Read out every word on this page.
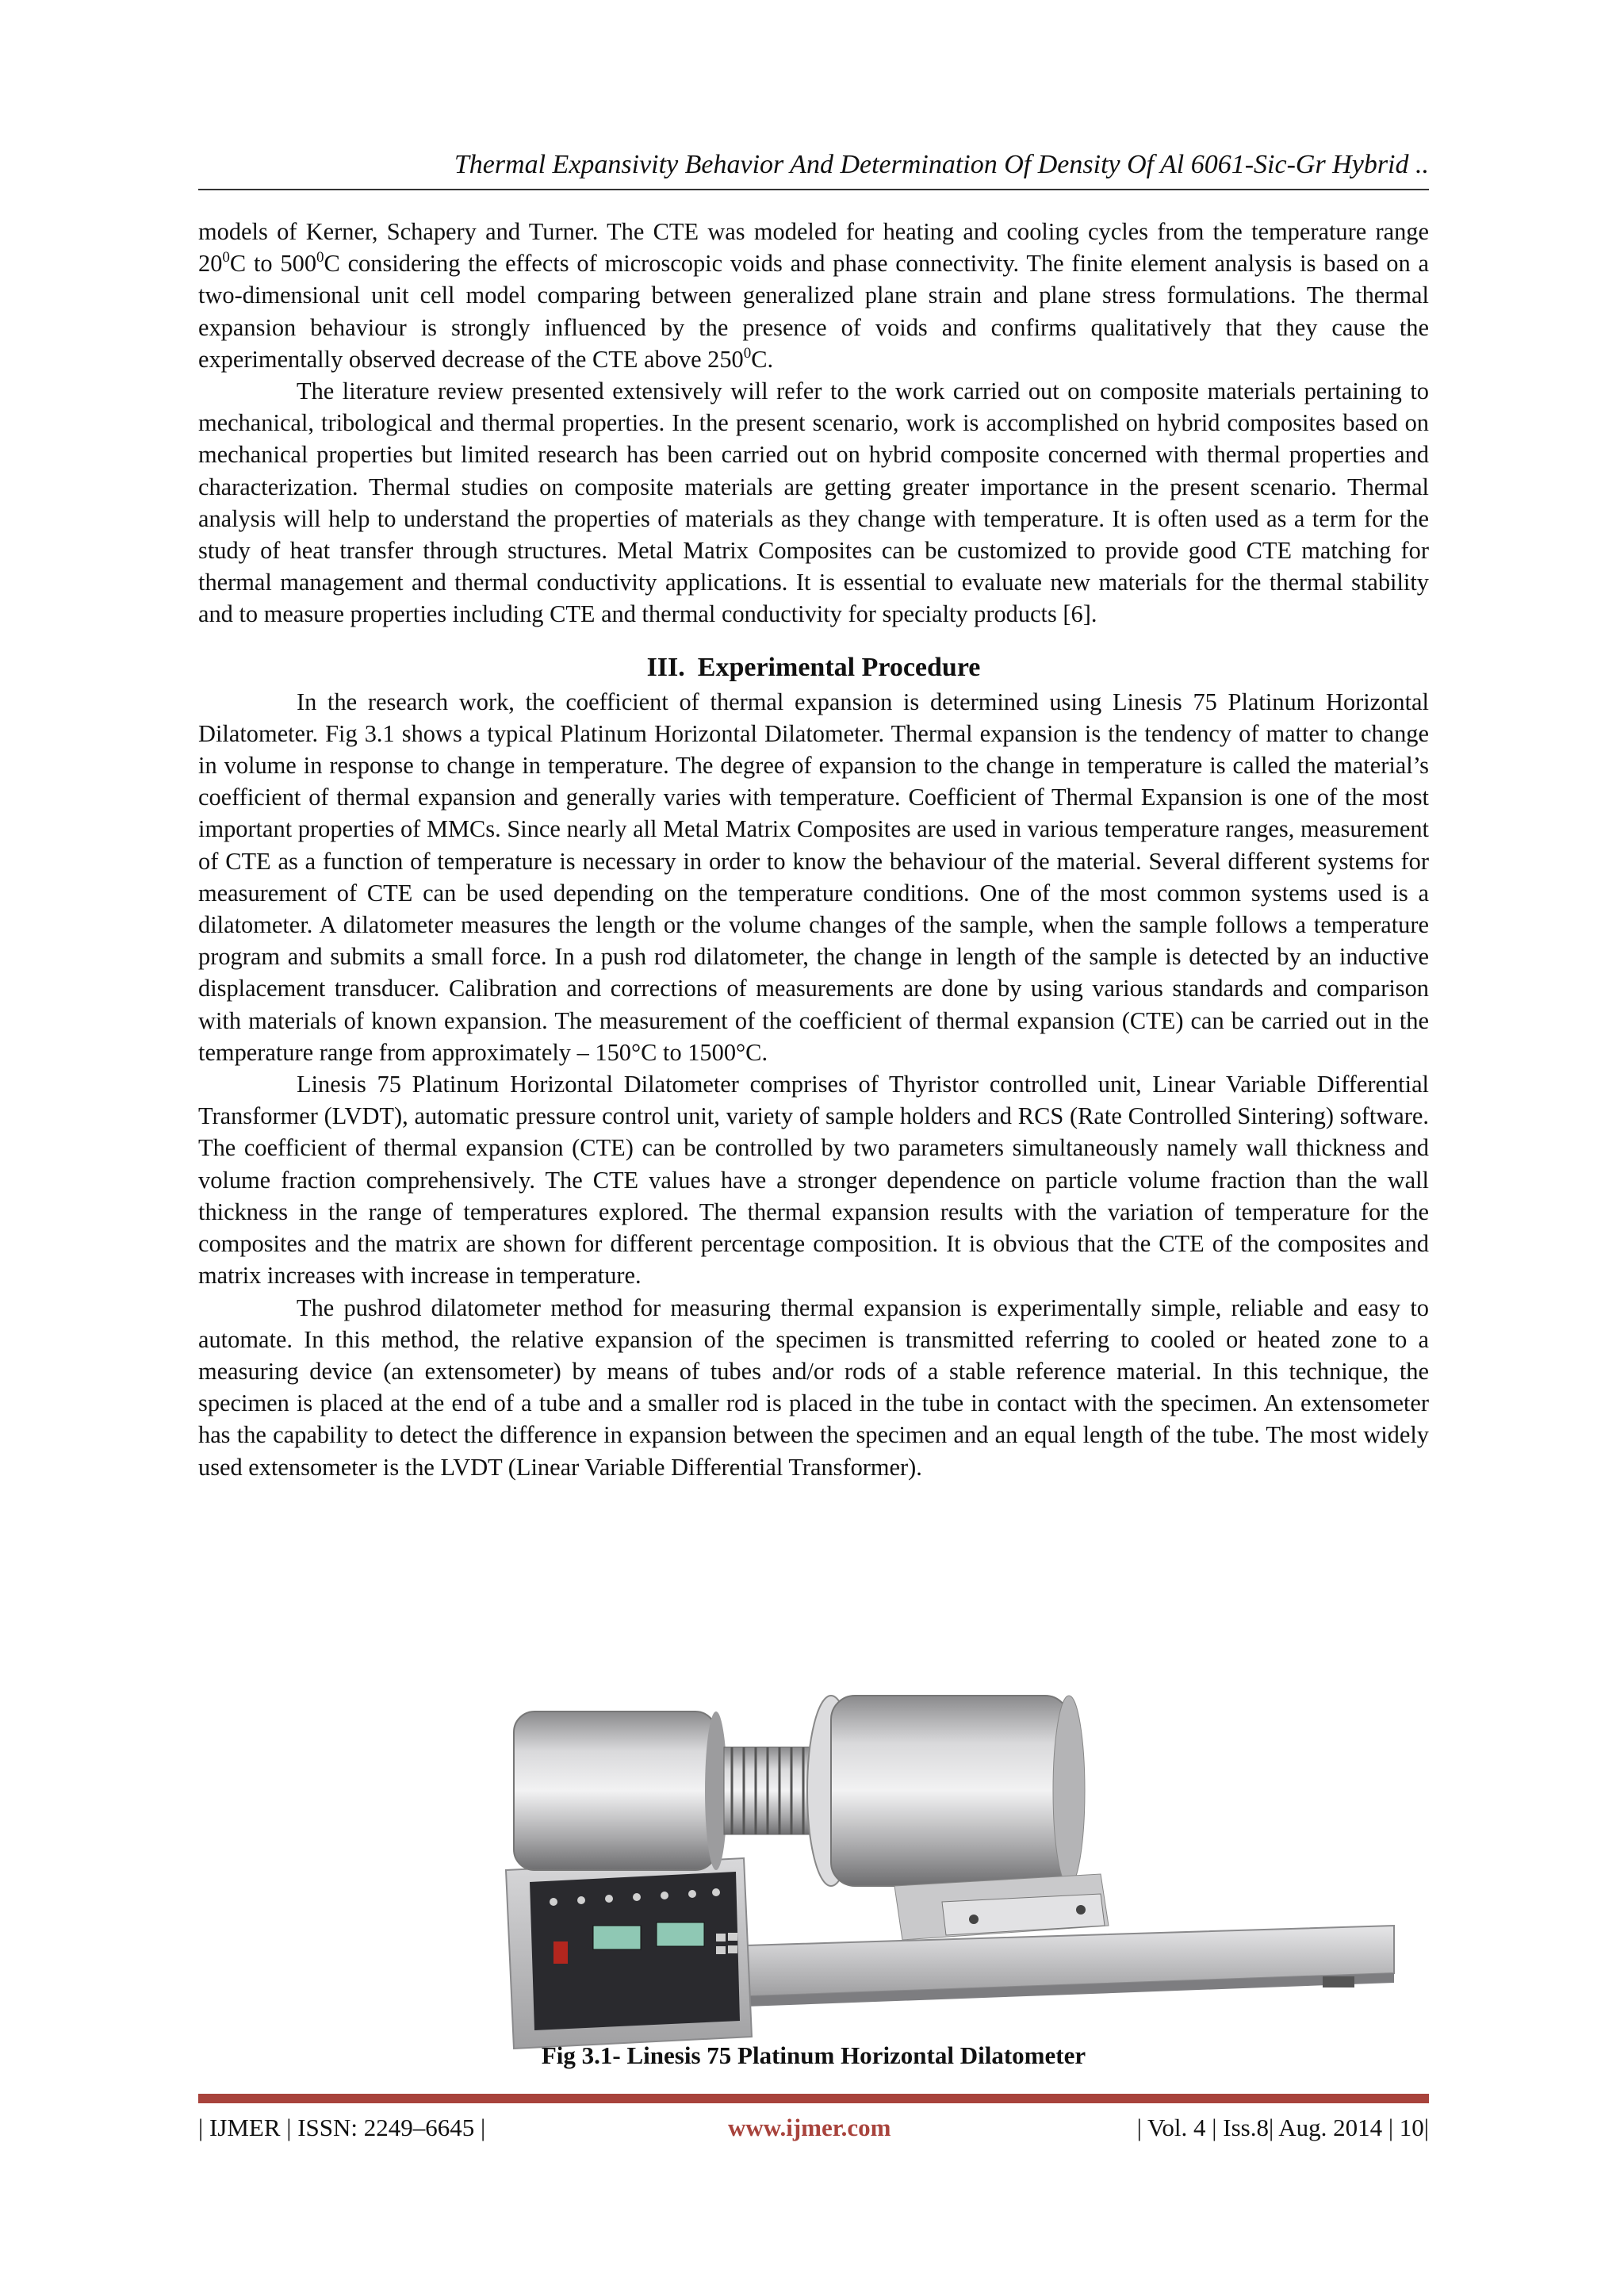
Thermal Expansivity Behavior And Determination Of Density Of Al 6061-Sic-Gr Hybrid ..

models of Kerner, Schapery and Turner. The CTE was modeled for heating and cooling cycles from the temperature range $20^0C$ to $500^0C$ considering the effects of microscopic voids and phase connectivity. The finite element analysis is based on a two-dimensional unit cell model comparing between generalized plane strain and plane stress formulations. The thermal expansion behaviour is strongly influenced by the presence of voids and confirms qualitatively that they cause the experimentally observed decrease of the CTE above $250^0C$.

The literature review presented extensively will refer to the work carried out on composite materials pertaining to mechanical, tribological and thermal properties. In the present scenario, work is accomplished on hybrid composites based on mechanical properties but limited research has been carried out on hybrid composite concerned with thermal properties and characterization. Thermal studies on composite materials are getting greater importance in the present scenario. Thermal analysis will help to understand the properties of materials as they change with temperature. It is often used as a term for the study of heat transfer through structures. Metal Matrix Composites can be customized to provide good CTE matching for thermal management and thermal conductivity applications. It is essential to evaluate new materials for the thermal stability and to measure properties including CTE and thermal conductivity for specialty products [6].

III. Experimental Procedure

In the research work, the coefficient of thermal expansion is determined using Linesis 75 Platinum Horizontal Dilatometer. Fig 3.1 shows a typical Platinum Horizontal Dilatometer. Thermal expansion is the tendency of matter to change in volume in response to change in temperature. The degree of expansion to the change in temperature is called the material’s coefficient of thermal expansion and generally varies with temperature. Coefficient of Thermal Expansion is one of the most important properties of MMCs. Since nearly all Metal Matrix Composites are used in various temperature ranges, measurement of CTE as a function of temperature is necessary in order to know the behaviour of the material. Several different systems for measurement of CTE can be used depending on the temperature conditions. One of the most common systems used is a dilatometer. A dilatometer measures the length or the volume changes of the sample, when the sample follows a temperature program and submits a small force. In a push rod dilatometer, the change in length of the sample is detected by an inductive displacement transducer. Calibration and corrections of measurements are done by using various standards and comparison with materials of known expansion. The measurement of the coefficient of thermal expansion (CTE) can be carried out in the temperature range from approximately – 150°C to 1500°C.

Linesis 75 Platinum Horizontal Dilatometer comprises of Thyristor controlled unit, Linear Variable Differential Transformer (LVDT), automatic pressure control unit, variety of sample holders and RCS (Rate Controlled Sintering) software. The coefficient of thermal expansion (CTE) can be controlled by two parameters simultaneously namely wall thickness and volume fraction comprehensively. The CTE values have a stronger dependence on particle volume fraction than the wall thickness in the range of temperatures explored. The thermal expansion results with the variation of temperature for the composites and the matrix are shown for different percentage composition. It is obvious that the CTE of the composites and matrix increases with increase in temperature.

The pushrod dilatometer method for measuring thermal expansion is experimentally simple, reliable and easy to automate. In this method, the relative expansion of the specimen is transmitted referring to cooled or heated zone to a measuring device (an extensometer) by means of tubes and/or rods of a stable reference material. In this technique, the specimen is placed at the end of a tube and a smaller rod is placed in the tube in contact with the specimen. An extensometer has the capability to detect the difference in expansion between the specimen and an equal length of the tube. The most widely used extensometer is the LVDT (Linear Variable Differential Transformer).

Fig 3.1- Linesis 75 Platinum Horizontal Dilatometer
| IJMER | ISSN: 2249–6645 |	www.ijmer.com	| Vol. 4 | Iss.8| Aug. 2014 | 10|
